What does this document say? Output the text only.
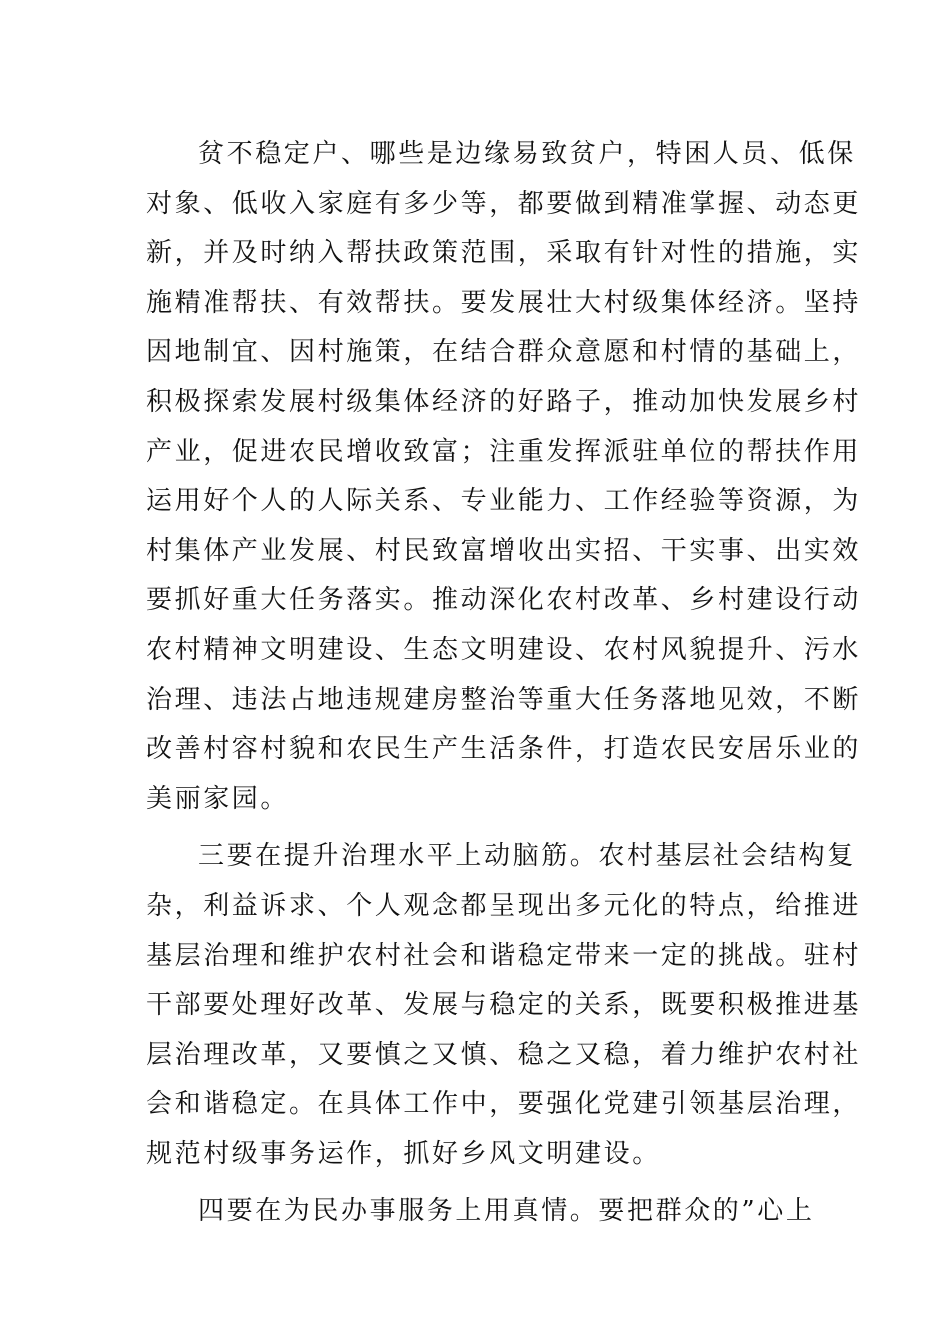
贫不稳定户、哪些是边缘易致贫户，特困人员、低保
对象、低收入家庭有多少等，都要做到精准掌握、动态更
新，并及时纳入帮扶政策范围，采取有针对性的措施，实
施精准帮扶、有效帮扶。要发展壮大村级集体经济。坚持
因地制宜、因村施策，在结合群众意愿和村情的基础上，
积极探索发展村级集体经济的好路子，推动加快发展乡村
产业，促进农民增收致富；注重发挥派驻单位的帮扶作用
运用好个人的人际关系、专业能力、工作经验等资源，为
村集体产业发展、村民致富增收出实招、干实事、出实效
要抓好重大任务落实。推动深化农村改革、乡村建设行动
农村精神文明建设、生态文明建设、农村风貌提升、污水
治理、违法占地违规建房整治等重大任务落地见效，不断
改善村容村貌和农民生产生活条件，打造农民安居乐业的
美丽家园。
三要在提升治理水平上动脑筋。农村基层社会结构复
杂，利益诉求、个人观念都呈现出多元化的特点，给推进
基层治理和维护农村社会和谐稳定带来一定的挑战。驻村
干部要处理好改革、发展与稳定的关系，既要积极推进基
层治理改革，又要慎之又慎、稳之又稳，着力维护农村社
会和谐稳定。在具体工作中，要强化党建引领基层治理，
规范村级事务运作，抓好乡风文明建设。
四要在为民办事服务上用真情。要把群众的”心上
